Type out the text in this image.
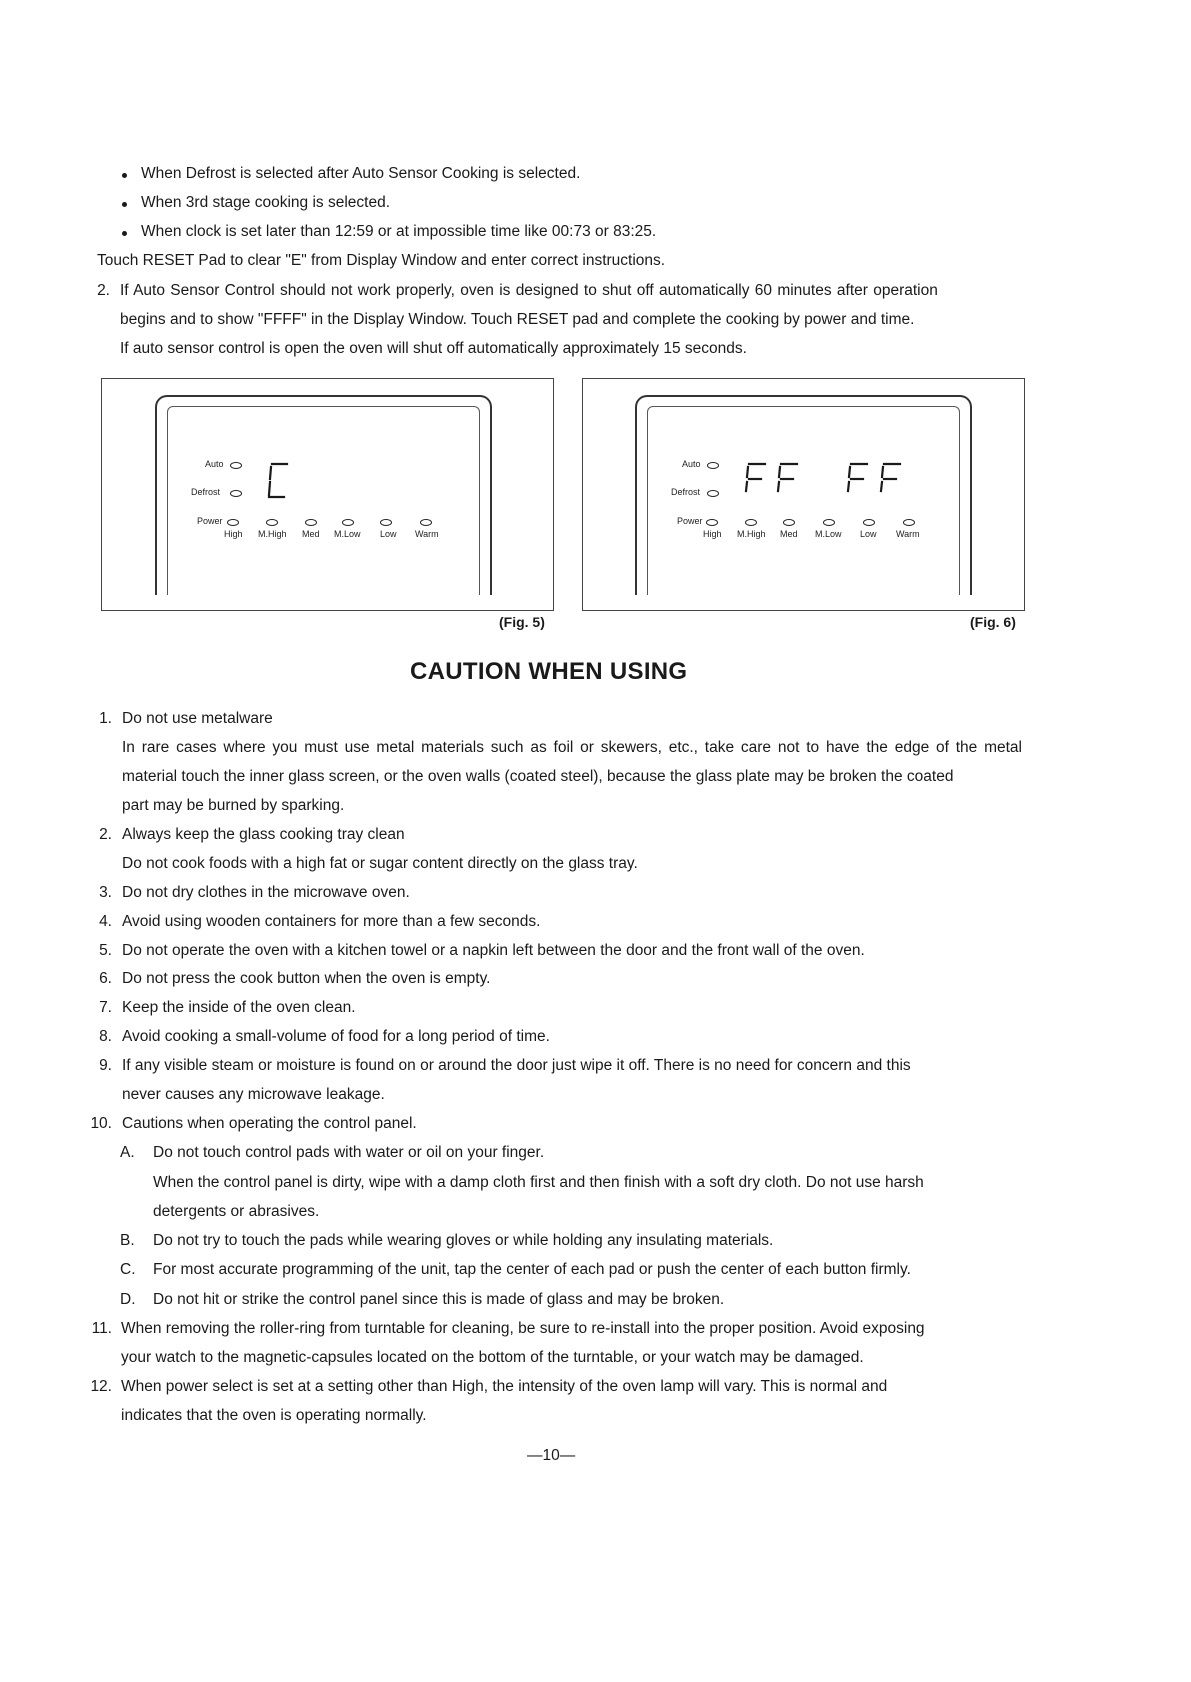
When Defrost is selected after Auto Sensor Cooking is selected.
When 3rd stage cooking is selected.
When clock is set later than 12:59 or at impossible time like 00:73 or 83:25.
Touch RESET Pad to clear "E" from Display Window and enter correct instructions.
2. If Auto Sensor Control should not work properly, oven is designed to shut off automatically 60 minutes after operation
begins and to show "FFFF" in the Display Window. Touch RESET pad and complete the cooking by power and time.
If auto sensor control is open the oven will shut off automatically approximately 15 seconds.
Auto
Defrost
Power
High M.High Med M.Low Low Warm
(Fig. 5)
Auto
Defrost
Power
High M.High Med M.Low Low Warm
(Fig. 6)
CAUTION WHEN USING
1. Do not use metalware
In rare cases where you must use metal materials such as foil or skewers, etc., take care not to have the edge of the metal
material touch the inner glass screen, or the oven walls (coated steel), because the glass plate may be broken the coated
part may be burned by sparking.
2. Always keep the glass cooking tray clean
Do not cook foods with a high fat or sugar content directly on the glass tray.
3. Do not dry clothes in the microwave oven.
4. Avoid using wooden containers for more than a few seconds.
5. Do not operate the oven with a kitchen towel or a napkin left between the door and the front wall of the oven.
6. Do not press the cook button when the oven is empty.
7. Keep the inside of the oven clean.
8. Avoid cooking a small-volume of food for a long period of time.
9. If any visible steam or moisture is found on or around the door just wipe it off. There is no need for concern and this
never causes any microwave leakage.
10. Cautions when operating the control panel.
A. Do not touch control pads with water or oil on your finger.
When the control panel is dirty, wipe with a damp cloth first and then finish with a soft dry cloth. Do not use harsh
detergents or abrasives.
B. Do not try to touch the pads while wearing gloves or while holding any insulating materials.
C. For most accurate programming of the unit, tap the center of each pad or push the center of each button firmly.
D. Do not hit or strike the control panel since this is made of glass and may be broken.
11. When removing the roller-ring from turntable for cleaning, be sure to re-install into the proper position. Avoid exposing
your watch to the magnetic-capsules located on the bottom of the turntable, or your watch may be damaged.
12. When power select is set at a setting other than High, the intensity of the oven lamp will vary. This is normal and
indicates that the oven is operating normally.
—10—
